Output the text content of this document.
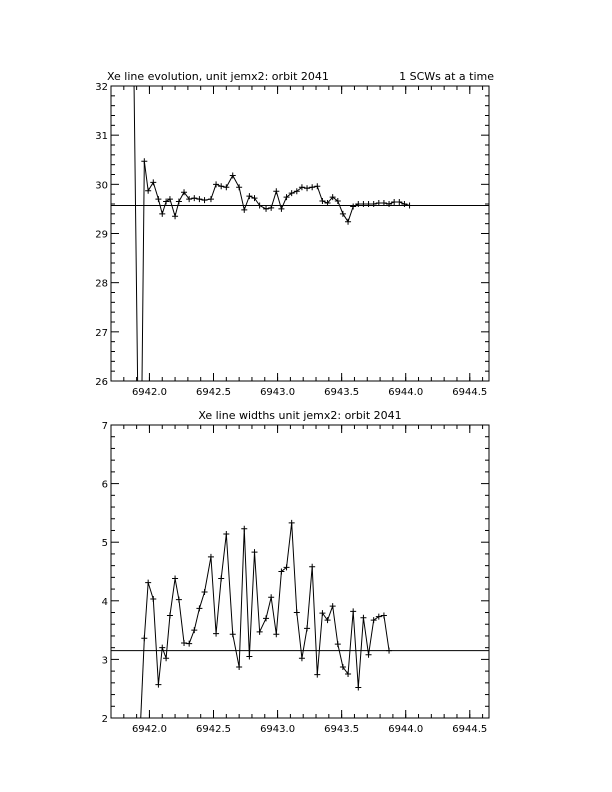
Xe line evolution, unit jemx2: orbit 2041	1 SCWs at a time
26
27
28
29
30
31
32
6942.0	6942.5	6943.0	6943.5	6944.0	6944.5
Xe line widths unit jemx2: orbit 2041
2
3
4
5
6
7
6942.0	6942.5	6943.0	6943.5	6944.0	6944.5
